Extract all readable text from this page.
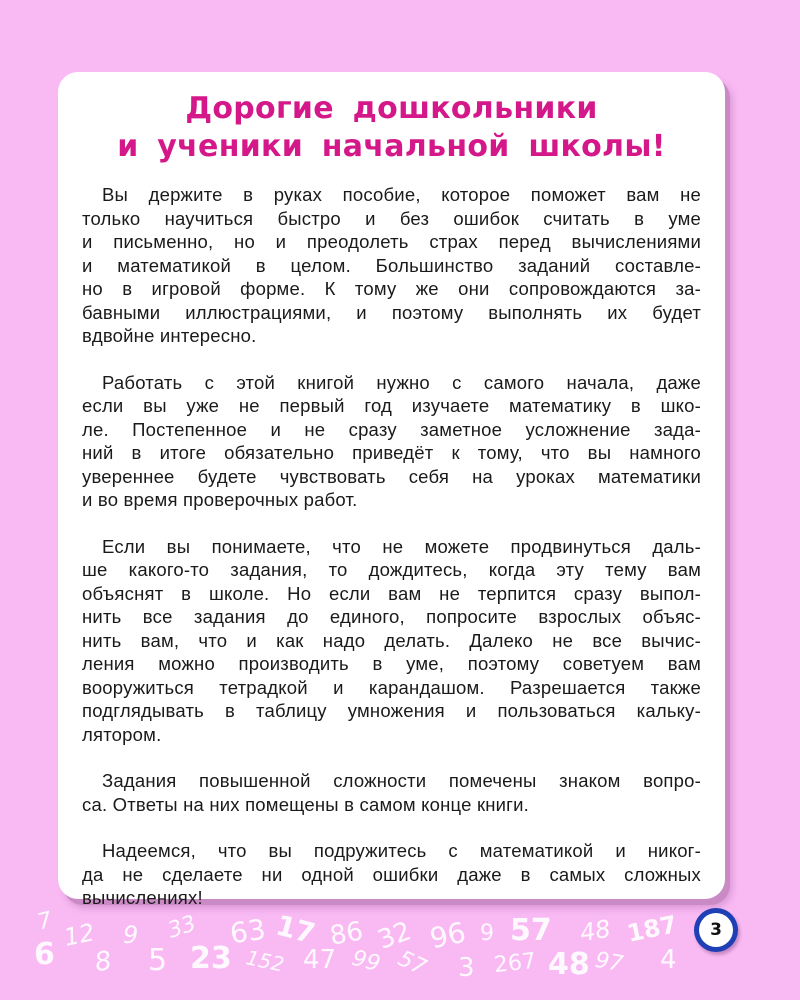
Дорогие дошкольники
и ученики начальной школы!

Вы держите в руках пособие, которое поможет вам не
только научиться быстро и без ошибок считать в уме
и письменно, но и преодолеть страх перед вычислениями
и математикой в целом. Большинство заданий составле-
но в игровой форме. К тому же они сопровождаются за-
бавными иллюстрациями, и поэтому выполнять их будет
вдвойне интересно.

Работать с этой книгой нужно с самого начала, даже
если вы уже не первый год изучаете математику в шко-
ле. Постепенное и не сразу заметное усложнение зада-
ний в итоге обязательно приведёт к тому, что вы намного
увереннее будете чувствовать себя на уроках математики
и во время проверочных работ.

Если вы понимаете, что не можете продвинуться даль-
ше какого-то задания, то дождитесь, когда эту тему вам
объяснят в школе. Но если вам не терпится сразу выпол-
нить все задания до единого, попросите взрослых объяс-
нить вам, что и как надо делать. Далеко не все вычис-
ления можно производить в уме, поэтому советуем вам
вооружиться тетрадкой и карандашом. Разрешается также
подглядывать в таблицу умножения и пользоваться кальку-
лятором.

Задания повышенной сложности помечены знаком вопро-
са. Ответы на них помещены в самом конце книги.

Надеемся, что вы подружитесь с математикой и никог-
да не сделаете ни одной ошибки даже в самых сложных
вычислениях!

7
6
12
8
9
5
33
23
63
152
17
47
86
99
32
57
96
3
9
267
57
48
48
97
187
4
3
